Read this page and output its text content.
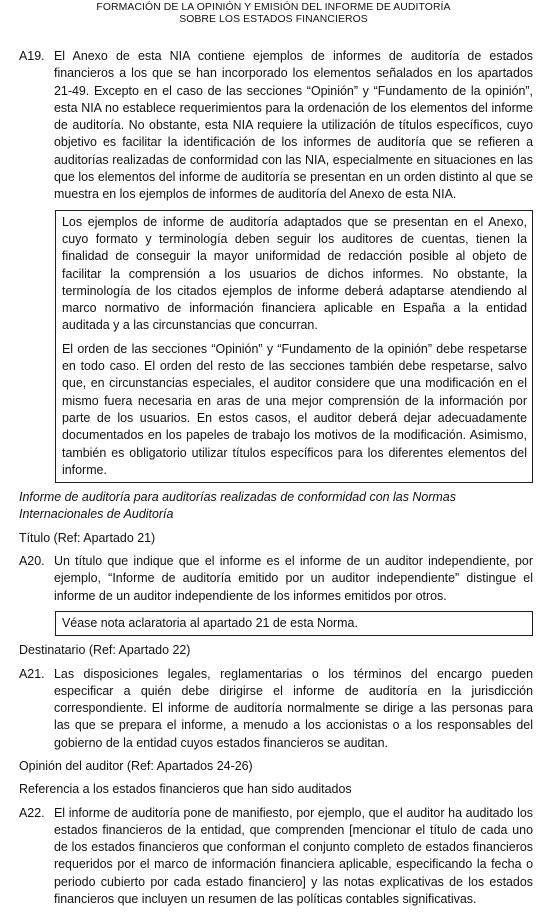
FORMACIÓN DE LA OPINIÓN Y EMISIÓN DEL INFORME DE AUDITORÍA
SOBRE LOS ESTADOS FINANCIEROS
A19. El Anexo de esta NIA contiene ejemplos de informes de auditoría de estados financieros a los que se han incorporado los elementos señalados en los apartados 21-49. Excepto en el caso de las secciones “Opinión” y “Fundamento de la opinión”, esta NIA no establece requerimientos para la ordenación de los elementos del informe de auditoría. No obstante, esta NIA requiere la utilización de títulos específicos, cuyo objetivo es facilitar la identificación de los informes de auditoría que se refieren a auditorías realizadas de conformidad con las NIA, especialmente en situaciones en las que los elementos del informe de auditoría se presentan en un orden distinto al que se muestra en los ejemplos de informes de auditoría del Anexo de esta NIA.

Los ejemplos de informe de auditoría adaptados que se presentan en el Anexo, cuyo formato y terminología deben seguir los auditores de cuentas, tienen la finalidad de conseguir la mayor uniformidad de redacción posible al objeto de facilitar la comprensión a los usuarios de dichos informes. No obstante, la terminología de los citados ejemplos de informe deberá adaptarse atendiendo al marco normativo de información financiera aplicable en España a la entidad auditada y a las circunstancias que concurran.

El orden de las secciones “Opinión” y “Fundamento de la opinión” debe respetarse en todo caso. El orden del resto de las secciones también debe respetarse, salvo que, en circunstancias especiales, el auditor considere que una modificación en el mismo fuera necesaria en aras de una mejor comprensión de la información por parte de los usuarios. En estos casos, el auditor deberá dejar adecuadamente documentados en los papeles de trabajo los motivos de la modificación. Asimismo, también es obligatorio utilizar títulos específicos para los diferentes elementos del informe.

Informe de auditoría para auditorías realizadas de conformidad con las Normas Internacionales de Auditoría
Título (Ref: Apartado 21)
A20. Un título que indique que el informe es el informe de un auditor independiente, por ejemplo, “Informe de auditoría emitido por un auditor independiente” distingue el informe de un auditor independiente de los informes emitidos por otros.

Véase nota aclaratoria al apartado 21 de esta Norma.

Destinatario (Ref: Apartado 22)
A21. Las disposiciones legales, reglamentarias o los términos del encargo pueden especificar a quién debe dirigirse el informe de auditoría en la jurisdicción correspondiente. El informe de auditoría normalmente se dirige a las personas para las que se prepara el informe, a menudo a los accionistas o a los responsables del gobierno de la entidad cuyos estados financieros se auditan.
Opinión del auditor (Ref: Apartados 24-26)
Referencia a los estados financieros que han sido auditados
A22. El informe de auditoría pone de manifiesto, por ejemplo, que el auditor ha auditado los estados financieros de la entidad, que comprenden [mencionar el título de cada uno de los estados financieros que conforman el conjunto completo de estados financieros requeridos por el marco de información financiera aplicable, especificando la fecha o periodo cubierto por cada estado financiero] y las notas explicativas de los estados financieros que incluyen un resumen de las políticas contables significativas.
